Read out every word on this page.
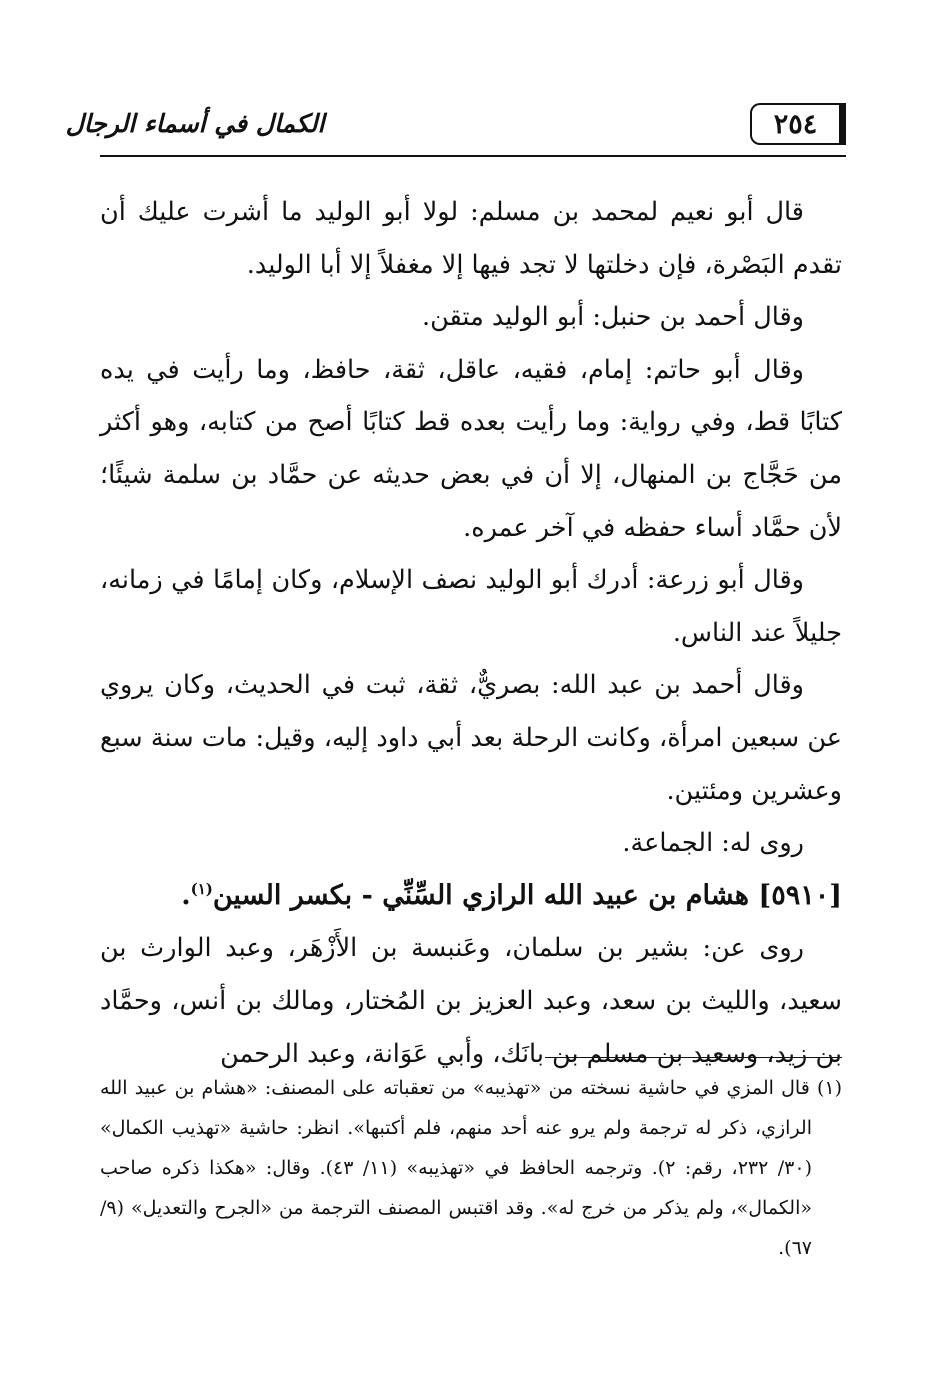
٢٥٤
الكمال في أسماء الرجال

قال أبو نعيم لمحمد بن مسلم: لولا أبو الوليد ما أشرت عليك أن تقدم البَصْرة، فإن دخلتها لا تجد فيها إلا مغفلاً إلا أبا الوليد.

وقال أحمد بن حنبل: أبو الوليد متقن.

وقال أبو حاتم: إمام، فقيه، عاقل، ثقة، حافظ، وما رأيت في يده كتابًا قط، وفي رواية: وما رأيت بعده قط كتابًا أصح من كتابه، وهو أكثر من حَجَّاج بن المنهال، إلا أن في بعض حديثه عن حمَّاد بن سلمة شيئًا؛ لأن حمَّاد أساء حفظه في آخر عمره.

وقال أبو زرعة: أدرك أبو الوليد نصف الإسلام، وكان إمامًا في زمانه، جليلاً عند الناس.

وقال أحمد بن عبد الله: بصريٌّ، ثقة، ثبت في الحديث، وكان يروي عن سبعين امرأة، وكانت الرحلة بعد أبي داود إليه، وقيل: مات سنة سبع وعشرين ومئتين.

روى له: الجماعة.

[٥٩١٠] هشام بن عبيد الله الرازي السِّنِّي - بكسر السين$^{(١)}$.

روى عن: بشير بن سلمان، وعَنبسة بن الأَزْهَر، وعبد الوارث بن سعيد، والليث بن سعد، وعبد العزيز بن المُختار، ومالك بن أنس، وحمَّاد بن زيد، وسعيد بن مسلم بن بانَك، وأبي عَوَانة، وعبد الرحمن

(١) قال المزي في حاشية نسخته من «تهذيبه» من تعقباته على المصنف: «هشام بن عبيد الله الرازي، ذكر له ترجمة ولم يرو عنه أحد منهم، فلم أكتبها». انظر: حاشية «تهذيب الكمال» (٣٠/ ٢٣٢، رقم: ٢). وترجمه الحافظ في «تهذيبه» (١١/ ٤٣). وقال: «هكذا ذكره صاحب «الكمال»، ولم يذكر من خرج له». وقد اقتبس المصنف الترجمة من «الجرح والتعديل» (٩/ ٦٧).
